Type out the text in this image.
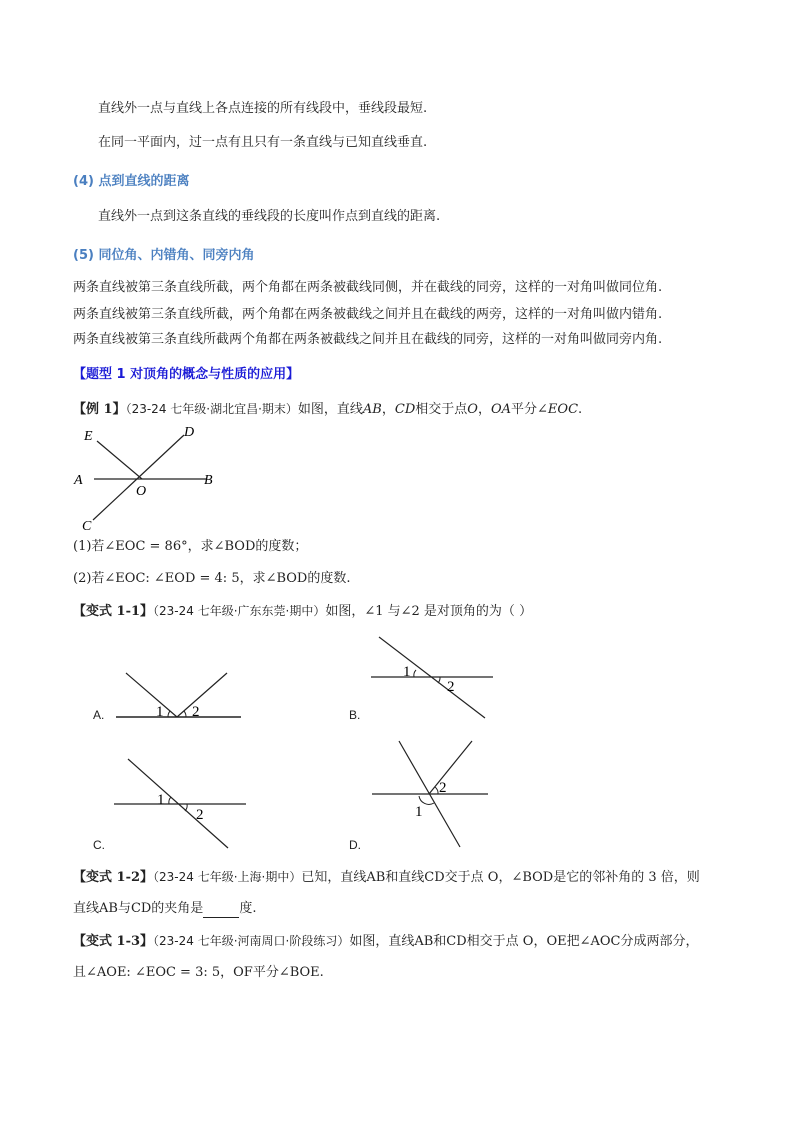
直线外一点与直线上各点连接的所有线段中，垂线段最短.
在同一平面内，过一点有且只有一条直线与已知直线垂直.
(4) 点到直线的距离
直线外一点到这条直线的垂线段的长度叫作点到直线的距离.
(5) 同位角、内错角、同旁内角
两条直线被第三条直线所截，两个角都在两条被截线同侧，并在截线的同旁，这样的一对角叫做同位角.
两条直线被第三条直线所截，两个角都在两条被截线之间并且在截线的两旁，这样的一对角叫做内错角.
两条直线被第三条直线所截两个角都在两条被截线之间并且在截线的同旁，这样的一对角叫做同旁内角.
【题型 1 对顶角的概念与性质的应用】
【例 1】（23-24 七年级·湖北宜昌·期末）如图，直线AB，CD相交于点O，OA平分∠EOC.
E	D
A
O
B
C
(1)若∠EOC = 86°，求∠BOD的度数；
(2)若∠EOC: ∠EOD = 4: 5，求∠BOD的度数.
【变式 1-1】（23-24 七年级·广东东莞·期中）如图，∠1 与∠2 是对顶角的为（ ）
A.	1 2	B.
1
2
C.
1
2
D.
1
2
【变式 1-2】（23-24 七年级·上海·期中）已知，直线AB和直线CD交于点 O，∠BOD是它的邻补角的 3 倍，则
直线AB与CD的夹角是	度.
【变式 1-3】（23-24 七年级·河南周口·阶段练习）如图，直线AB和CD相交于点 O，OE把∠AOC分成两部分，
且∠AOE: ∠EOC = 3: 5，OF平分∠BOE.
